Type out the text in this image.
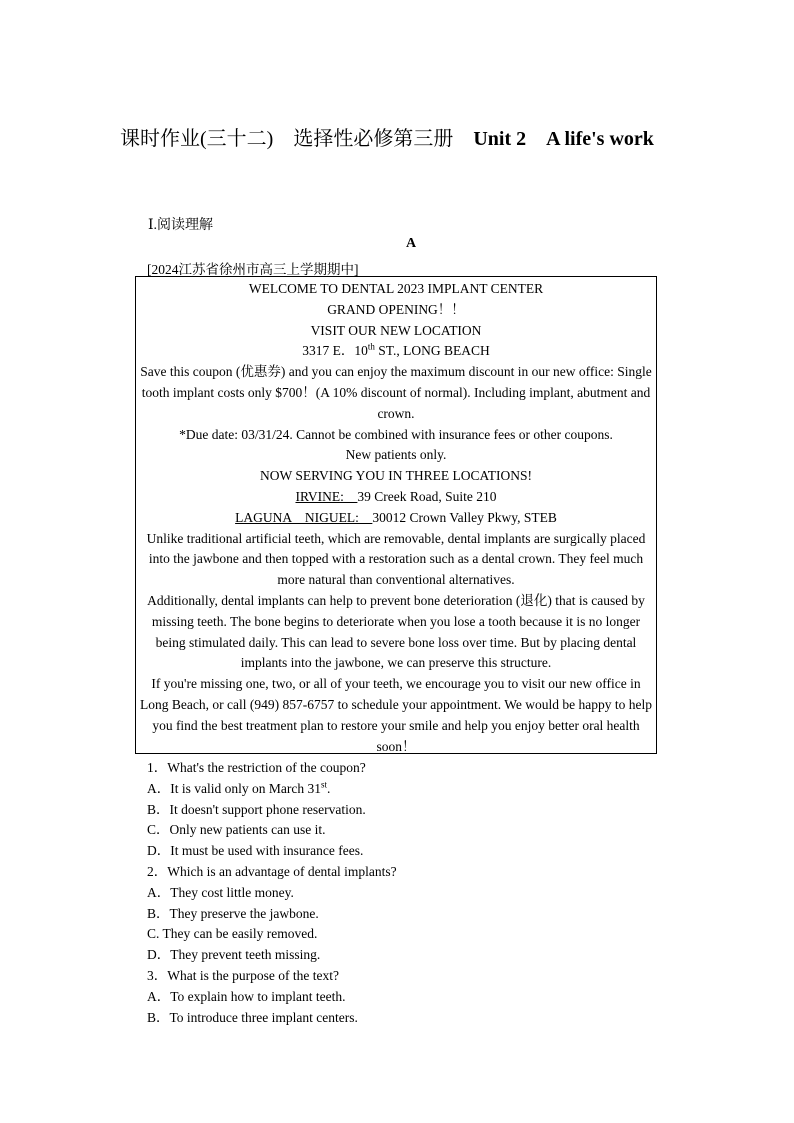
课时作业(三十二)　选择性必修第三册　Unit 2　A life's work
Ⅰ.阅读理解
A
[2024江苏省徐州市高三上学期期中]

WELCOME TO DENTAL 2023 IMPLANT CENTER

GRAND OPENING！！

VISIT OUR NEW LOCATION

3317 E．10th ST., LONG BEACH

Save this coupon (优惠券) and you can enjoy the maximum discount in our new office: Single tooth implant costs only $700！(A 10% discount of normal). Including implant, abutment and crown.

*Due date: 03/31/24. Cannot be combined with insurance fees or other coupons.

New patients only.

NOW SERVING YOU IN THREE LOCATIONS!

IRVINE:　39 Creek Road, Suite 210

LAGUNA　NIGUEL:　30012 Crown Valley Pkwy, STEB

Unlike traditional artificial teeth, which are removable, dental implants are surgically placed into the jawbone and then topped with a restoration such as a dental crown. They feel much more natural than conventional alternatives.

Additionally, dental implants can help to prevent bone deterioration (退化) that is caused by missing teeth. The bone begins to deteriorate when you lose a tooth because it is no longer being stimulated daily. This can lead to severe bone loss over time. But by placing dental implants into the jawbone, we can preserve this structure.

If you're missing one, two, or all of your teeth, we encourage you to visit our new office in Long Beach, or call (949) 857-6757 to schedule your appointment. We would be happy to help you find the best treatment plan to restore your smile and help you enjoy better oral health soon！

1．What's the restriction of the coupon?

A．It is valid only on March 31st.

B．It doesn't support phone reservation.

C．Only new patients can use it.

D．It must be used with insurance fees.

2．Which is an advantage of dental implants?

A．They cost little money.

B．They preserve the jawbone.

C. They can be easily removed.

D．They prevent teeth missing.

3．What is the purpose of the text?

A．To explain how to implant teeth.

B．To introduce three implant centers.
